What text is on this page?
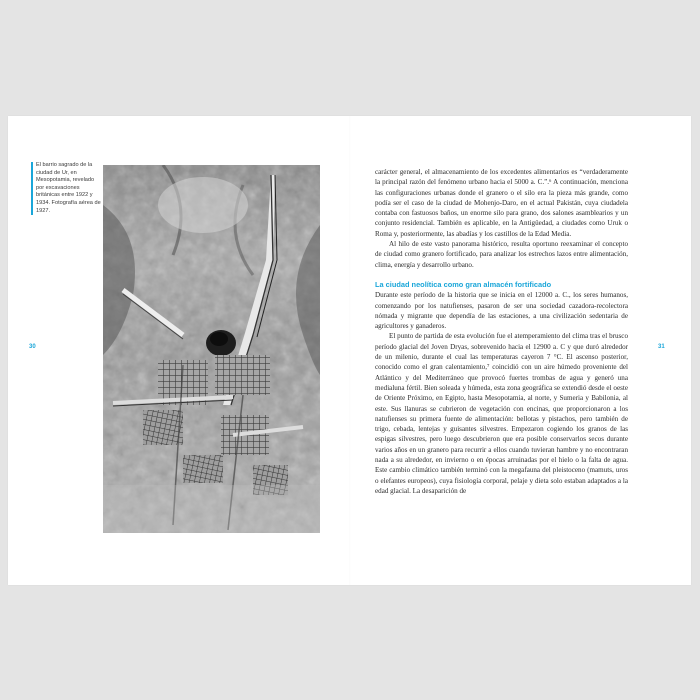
El barrio sagrado de la ciudad de Ur, en Mesopotamia, revelado por excavaciones británicas entre 1922 y 1934. Fotografía aérea de 1927.
30

carácter general, el almacenamiento de los excedentes alimentarios es “verdaderamente la principal razón del fenómeno urbano hacia el 5000 a. C.”.⁶ A continuación, menciona las configuraciones urbanas donde el granero o el silo era la pieza más grande, como podía ser el caso de la ciudad de Mohenjo-Daro, en el actual Pakistán, cuya ciudadela contaba con fastuosos baños, un enorme silo para grano, dos salones asamblearios y un conjunto residencial. También es aplicable, en la Antigüedad, a ciudades como Uruk o Roma y, posteriormente, las abadías y los castillos de la Edad Media.

Al hilo de este vasto panorama histórico, resulta oportuno reexaminar el concepto de ciudad como granero fortificado, para analizar los estrechos lazos entre alimentación, clima, energía y desarrollo urbano.

La ciudad neolítica como gran almacén fortificado

Durante este período de la historia que se inicia en el 12000 a. C., los seres humanos, comenzando por los natufienses, pasaron de ser una sociedad cazadora-recolectora nómada y migrante que dependía de las estaciones, a una civilización sedentaria de agricultores y ganaderos.

El punto de partida de esta evolución fue el atemperamiento del clima tras el brusco período glacial del Joven Dryas, sobrevenido hacia el 12900 a. C y que duró alrededor de un milenio, durante el cual las temperaturas cayeron 7 °C. El ascenso posterior, conocido como el gran calentamiento,⁷ coincidió con un aire húmedo proveniente del Atlántico y del Mediterráneo que provocó fuertes trombas de agua y generó una medialuna fértil. Bien soleada y húmeda, esta zona geográfica se extendió desde el oeste de Oriente Próximo, en Egipto, hasta Mesopotamia, al norte, y Sumeria y Babilonia, al este. Sus llanuras se cubrieron de vegetación con encinas, que proporcionaron a los natufienses su primera fuente de alimentación: bellotas y pistachos, pero también de trigo, cebada, lentejas y guisantes silvestres. Empezaron cogiendo los granos de las espigas silvestres, pero luego descubrieron que era posible conservarlos secos durante varios años en un granero para recurrir a ellos cuando tuvieran hambre y no encontraran nada a su alrededor, en invierno o en épocas arruinadas por el hielo o la falta de agua. Este cambio climático también terminó con la megafauna del pleistoceno (mamuts, uros o elefantes europeos), cuya fisiología corporal, pelaje y dieta solo estaban adaptados a la edad glacial. La desaparición de

31
